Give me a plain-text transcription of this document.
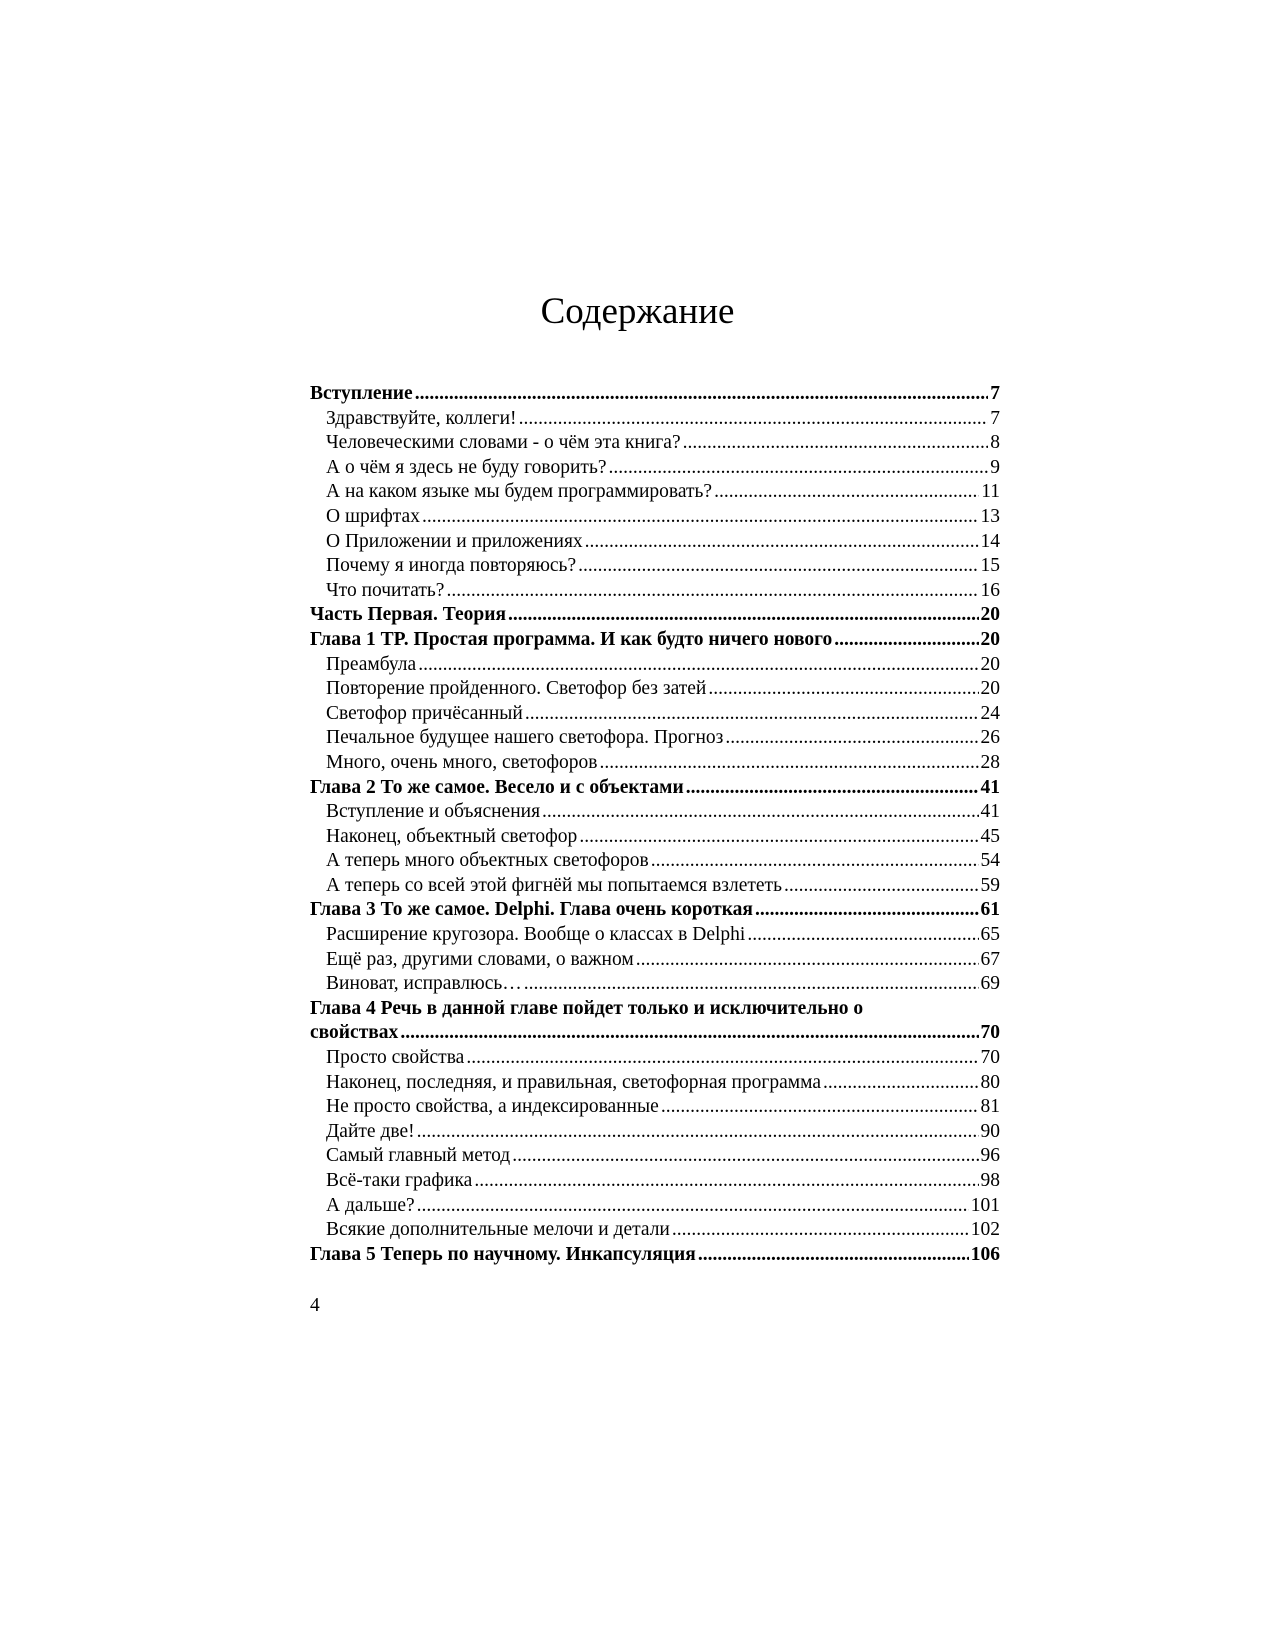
Содержание
Вступление .....	7
Здравствуйте, коллеги! .....	7
Человеческими словами - о чём эта книга? .....	8
А о чём я здесь не буду говорить? .....	9
А на каком языке мы будем программировать? .....	11
О шрифтах .....	13
О Приложении и приложениях .....	14
Почему я иногда повторяюсь? .....	15
Что почитать? .....	16
Часть Первая. Теория .....	20
Глава 1 TP. Простая программа. И как будто ничего нового .....	20
Преамбула .....	20
Повторение пройденного. Светофор без затей .....	20
Светофор причёсанный .....	24
Печальное будущее нашего светофора. Прогноз .....	26
Много, очень много, светофоров .....	28
Глава 2 То же самое. Весело и с объектами .....	41
Вступление и объяснения .....	41
Наконец, объектный светофор .....	45
А теперь много объектных светофоров .....	54
А теперь со всей этой фигнёй мы попытаемся взлететь .....	59
Глава 3 То же самое. Delphi. Глава очень короткая .....	61
Расширение кругозора. Вообще о классах в Delphi .....	65
Ещё раз, другими словами, о важном .....	67
Виноват, исправлюсь… .....	69
Глава 4 Речь в данной главе пойдет только и исключительно о
свойствах .....	70
Просто свойства .....	70
Наконец, последняя, и правильная, светофорная программа .....	80
Не просто свойства, а индексированные .....	81
Дайте две! .....	90
Самый главный метод .....	96
Всё-таки графика .....	98
А дальше? .....	101
Всякие дополнительные мелочи и детали .....	102
Глава 5 Теперь по научному. Инкапсуляция .....	106
4
